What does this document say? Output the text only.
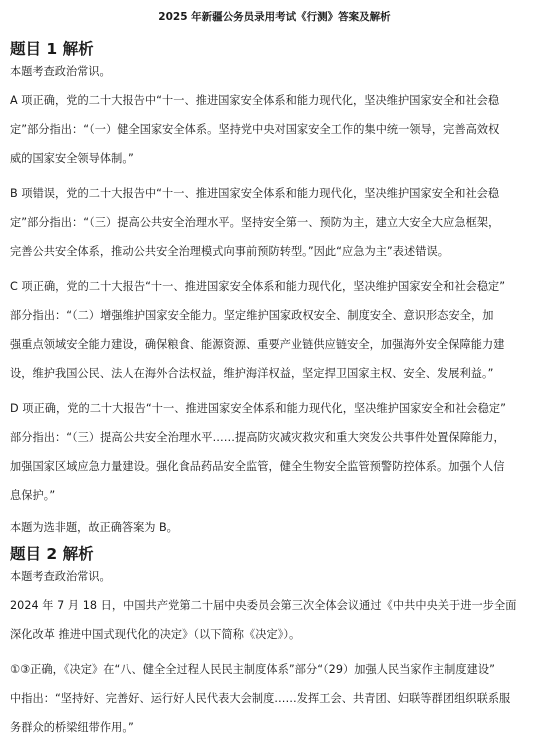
2025 年新疆公务员录用考试《行测》答案及解析
题目 1 解析
本题考查政治常识。
A 项正确，党的二十大报告中“十一、推进国家安全体系和能力现代化，坚决维护国家安全和社会稳
定”部分指出：“（一）健全国家安全体系。坚持党中央对国家安全工作的集中统一领导，完善高效权
威的国家安全领导体制。”
B 项错误，党的二十大报告中“十一、推进国家安全体系和能力现代化，坚决维护国家安全和社会稳
定”部分指出：“（三）提高公共安全治理水平。坚持安全第一、预防为主，建立大安全大应急框架，
完善公共安全体系，推动公共安全治理模式向事前预防转型。”因此“应急为主”表述错误。
C 项正确，党的二十大报告“十一、推进国家安全体系和能力现代化，坚决维护国家安全和社会稳定”
部分指出：“（二）增强维护国家安全能力。坚定维护国家政权安全、制度安全、意识形态安全，加
强重点领域安全能力建设，确保粮食、能源资源、重要产业链供应链安全，加强海外安全保障能力建
设，维护我国公民、法人在海外合法权益，维护海洋权益，坚定捍卫国家主权、安全、发展利益。”
D 项正确，党的二十大报告“十一、推进国家安全体系和能力现代化，坚决维护国家安全和社会稳定”
部分指出：“（三）提高公共安全治理水平……提高防灾减灾救灾和重大突发公共事件处置保障能力，
加强国家区域应急力量建设。强化食品药品安全监管，健全生物安全监管预警防控体系。加强个人信
息保护。”
本题为选非题，故正确答案为 B。
题目 2 解析
本题考查政治常识。
2024 年 7 月 18 日，中国共产党第二十届中央委员会第三次全体会议通过《中共中央关于进一步全面
深化改革 推进中国式现代化的决定》（以下简称《决定》）。
①③正确，《决定》在“八、健全全过程人民民主制度体系”部分“（29）加强人民当家作主制度建设”
中指出：“坚持好、完善好、运行好人民代表大会制度……发挥工会、共青团、妇联等群团组织联系服
务群众的桥梁纽带作用。”
